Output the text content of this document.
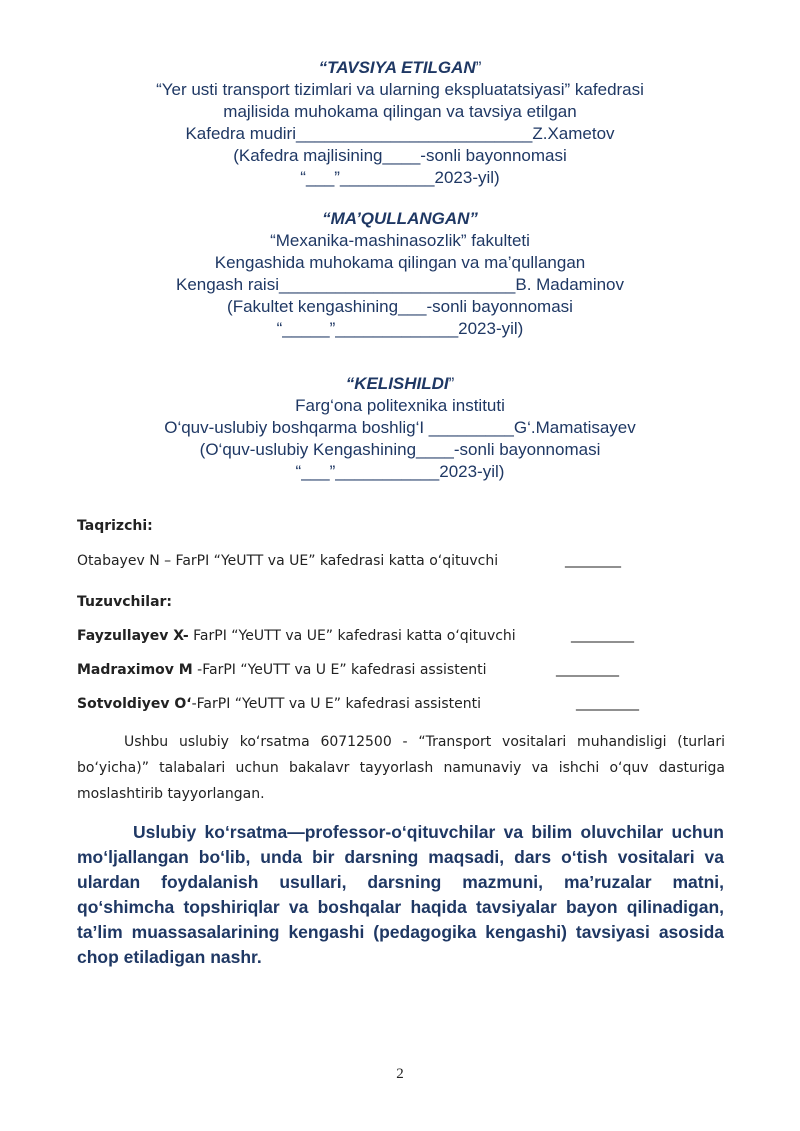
“TAVSIYA ETILGAN”
“Yer usti transport tizimlari va ularning ekspluatatsiyasi” kafedrasi
majlisida muhokama qilingan va tavsiya etilgan
Kafedra mudiri_________________________Z.Xametov
(Kafedra majlisining____-sonli bayonnomasi
“___”__________2023-yil)
“MA’QULLANGAN”
“Mexanika-mashinasozlik” fakulteti
Kengashida muhokama qilingan va ma’qullangan
Kengash raisi_________________________B. Madaminov
(Fakultet kengashining___-sonli bayonnomasi
“_____”_____________2023-yil)
“KELISHILDI”
Farg‘ona politexnika instituti
O‘quv-uslubiy boshqarma boshlig‘I _________G‘.Mamatisayev
(O‘quv-uslubiy Kengashining____-sonli bayonnomasi
“___”___________2023-yil)
Taqrizchi:
Otabayev N – FarPI “YeUTT va UE” kafedrasi katta o‘qituvchi	________
Tuzuvchilar:
Fayzullayev X- FarPI “YeUTT va UE” kafedrasi katta o‘qituvchi	_________
Madraximov M -FarPI “YeUTT va U E” kafedrasi assistenti	_________
Sotvoldiyev O‘-FarPI “YeUTT va U E” kafedrasi assistenti	_________
Ushbu uslubiy ko‘rsatma 60712500 - “Transport vositalari muhandisligi (turlari bo‘yicha)” talabalari uchun bakalavr tayyorlash namunaviy va ishchi o‘quv dasturiga moslashtirib tayyorlangan.
Uslubiy ko‘rsatma—professor-o‘qituvchilar va bilim oluvchilar uchun mo‘ljallangan bo‘lib, unda bir darsning maqsadi, dars o‘tish vositalari va ulardan foydalanish usullari, darsning mazmuni, ma’ruzalar matni, qo‘shimcha topshiriqlar va boshqalar haqida tavsiyalar bayon qilinadigan, ta’lim muassasalarining kengashi (pedagogika kengashi) tavsiyasi asosida chop etiladigan nashr.
2
